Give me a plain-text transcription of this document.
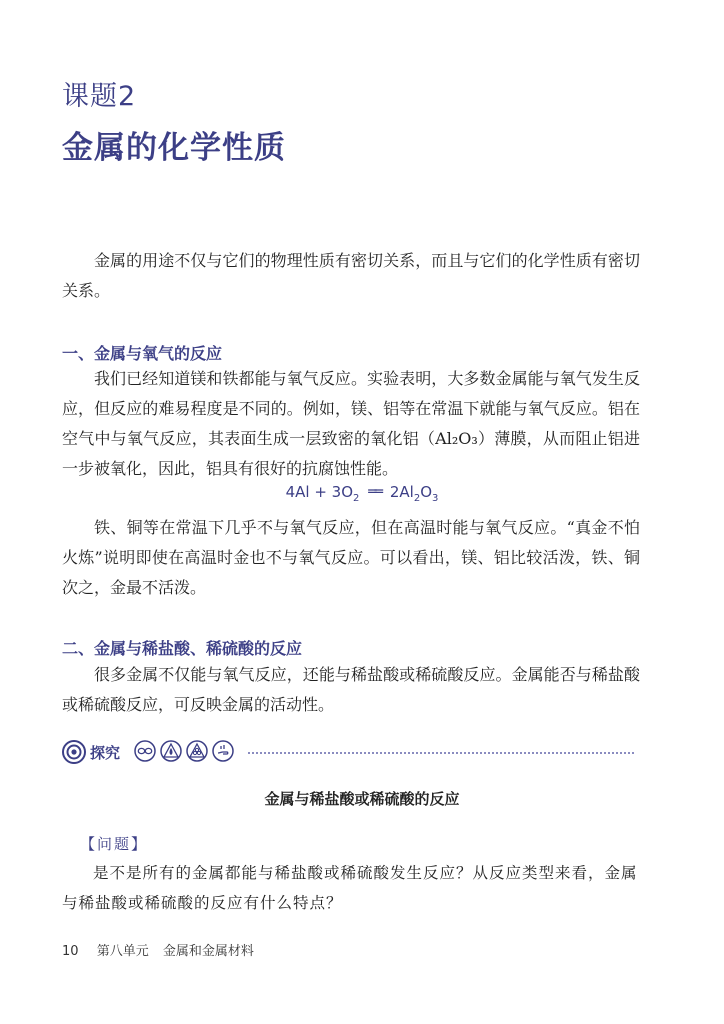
课题2
金属的化学性质
金属的用途不仅与它们的物理性质有密切关系，而且与它们的化学性质有密切关系。
一、金属与氧气的反应
我们已经知道镁和铁都能与氧气反应。实验表明，大多数金属能与氧气发生反应，但反应的难易程度是不同的。例如，镁、铝等在常温下就能与氧气反应。铝在空气中与氧气反应，其表面生成一层致密的氧化铝（Al₂O₃）薄膜，从而阻止铝进一步被氧化，因此，铝具有很好的抗腐蚀性能。
$4Al + 3O_2$ ══ $2Al_2O_3$
铁、铜等在常温下几乎不与氧气反应，但在高温时能与氧气反应。“真金不怕火炼”说明即使在高温时金也不与氧气反应。可以看出，镁、铝比较活泼，铁、铜次之，金最不活泼。
二、金属与稀盐酸、稀硫酸的反应
很多金属不仅能与氧气反应，还能与稀盐酸或稀硫酸反应。金属能否与稀盐酸或稀硫酸反应，可反映金属的活动性。
探究
金属与稀盐酸或稀硫酸的反应
【问题】
是不是所有的金属都能与稀盐酸或稀硫酸发生反应？从反应类型来看，金属与稀盐酸或稀硫酸的反应有什么特点？
10 第八单元 金属和金属材料
